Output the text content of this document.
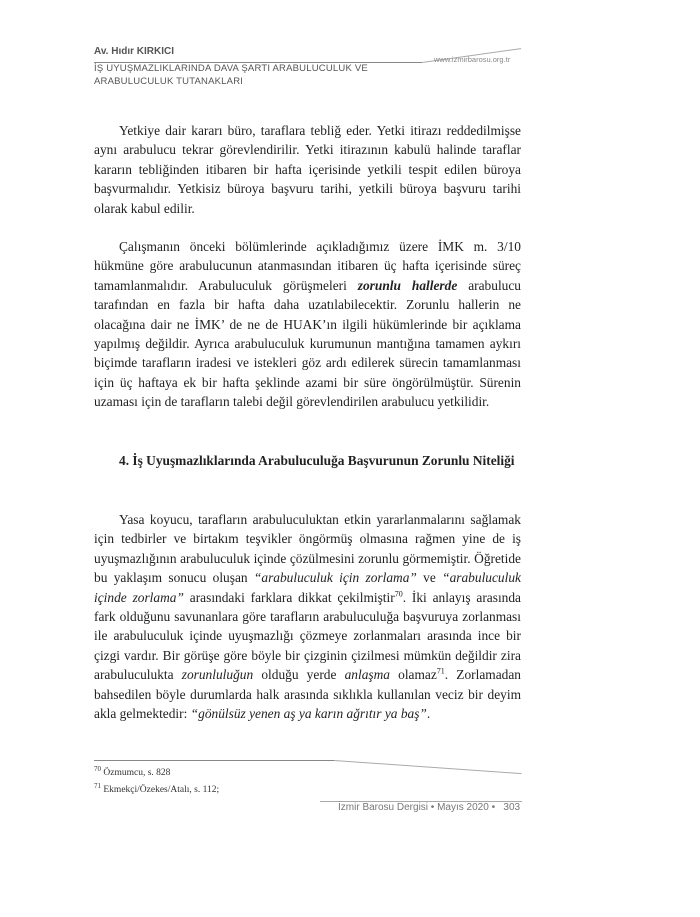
Av. Hıdır KIRKICI
www.izmirbarosu.org.tr
İŞ UYUŞMAZLIKLARINDA DAVA ŞARTI ARABULUCULUK VE
ARABULUCULUK TUTANAKLARI

Yetkiye dair kararı büro, taraflara tebliğ eder. Yetki itirazı reddedilmişse aynı arabulucu tekrar görevlendirilir. Yetki itirazının kabulü halinde taraflar kararın tebliğinden itibaren bir hafta içerisinde yetkili tespit edilen büroya başvurmalıdır. Yetkisiz büroya başvuru tarihi, yetkili büroya başvuru tarihi olarak kabul edilir.

Çalışmanın önceki bölümlerinde açıkladığımız üzere İMK m. 3/10 hükmüne göre arabulucunun atanmasından itibaren üç hafta içerisinde süreç tamamlanmalıdır. Arabuluculuk görüşmeleri zorunlu hallerde arabulucu tarafından en fazla bir hafta daha uzatılabilecektir. Zorunlu hallerin ne olacağına dair ne İMK’ de ne de HUAK’ın ilgili hükümlerinde bir açıklama yapılmış değildir. Ayrıca arabuluculuk kurumunun mantığına tamamen aykırı biçimde tarafların iradesi ve istekleri göz ardı edilerek sürecin tamamlanması için üç haftaya ek bir hafta şeklinde azami bir süre öngörülmüştür. Sürenin uzaması için de tarafların talebi değil görevlendirilen arabulucu yetkilidir.

4. İş Uyuşmazlıklarında Arabuluculuğa Başvurunun Zorunlu Niteliği

Yasa koyucu, tarafların arabuluculuktan etkin yararlanmalarını sağlamak için tedbirler ve birtakım teşvikler öngörmüş olmasına rağmen yine de iş uyuşmazlığının arabuluculuk içinde çözülmesini zorunlu görmemiştir. Öğretide bu yaklaşım sonucu oluşan “arabuluculuk için zorlama” ve “arabuluculuk içinde zorlama” arasındaki farklara dikkat çekilmiştir$^{70}$. İki anlayış arasında fark olduğunu savunanlara göre tarafların arabuluculuğa başvuruya zorlanması ile arabuluculuk içinde uyuşmazlığı çözmeye zorlanmaları arasında ince bir çizgi vardır. Bir görüşe göre böyle bir çizginin çizilmesi mümkün değildir zira arabuluculukta zorunluluğun olduğu yerde anlaşma olamaz$^{71}$. Zorlamadan bahsedilen böyle durumlarda halk arasında sıklıkla kullanılan veciz bir deyim akla gelmektedir: “gönülsüz yenen aş ya karın ağrıtır ya baş”.

$^{70}$ Özmumcu, s. 828
$^{71}$ Ekmekçi/Özekes/Atalı, s. 112;
İzmir Barosu Dergisi • Mayıs 2020 •   303
